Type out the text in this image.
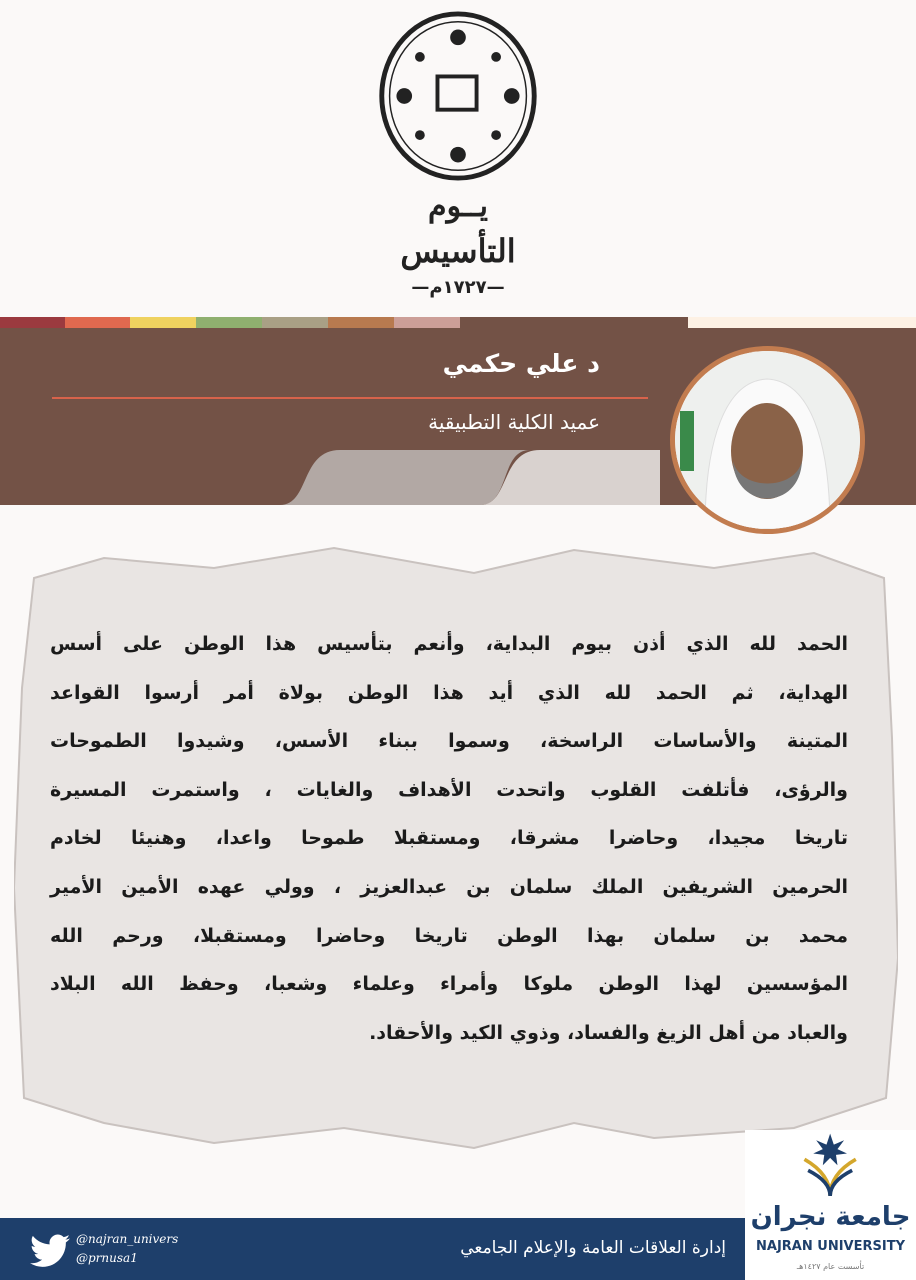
يــوم
التأسيس
—١٧٢٧م—
د علي حكمي
عميد الكلية التطبيقية
الحمد لله الذي أذن بيوم البداية، وأنعم بتأسيس هذا الوطن على أسس
الهداية، ثم الحمد لله الذي أيد هذا الوطن بولاة أمر أرسوا القواعد
المتينة والأساسات الراسخة، وسموا ببناء الأسس، وشيدوا الطموحات
والرؤى، فأتلفت القلوب واتحدت الأهداف والغايات ، واستمرت المسيرة
تاريخا مجيدا، وحاضرا مشرقا، ومستقبلا طموحا واعدا، وهنيئا لخادم
الحرمين الشريفين الملك سلمان بن عبدالعزيز ، وولي عهده الأمين الأمير
محمد بن سلمان بهذا الوطن تاريخا وحاضرا ومستقبلا، ورحم الله
المؤسسين لهذا الوطن ملوكا وأمراء وعلماء وشعبا، وحفظ الله البلاد
والعباد من أهل الزيغ والفساد، وذوي الكيد والأحقاد.
@najran_univers
@prnusa1	إدارة العلاقات العامة والإعلام الجامعي
جامعة نجران
NAJRAN UNIVERSITY
تأسست عام ١٤٢٧هـ
